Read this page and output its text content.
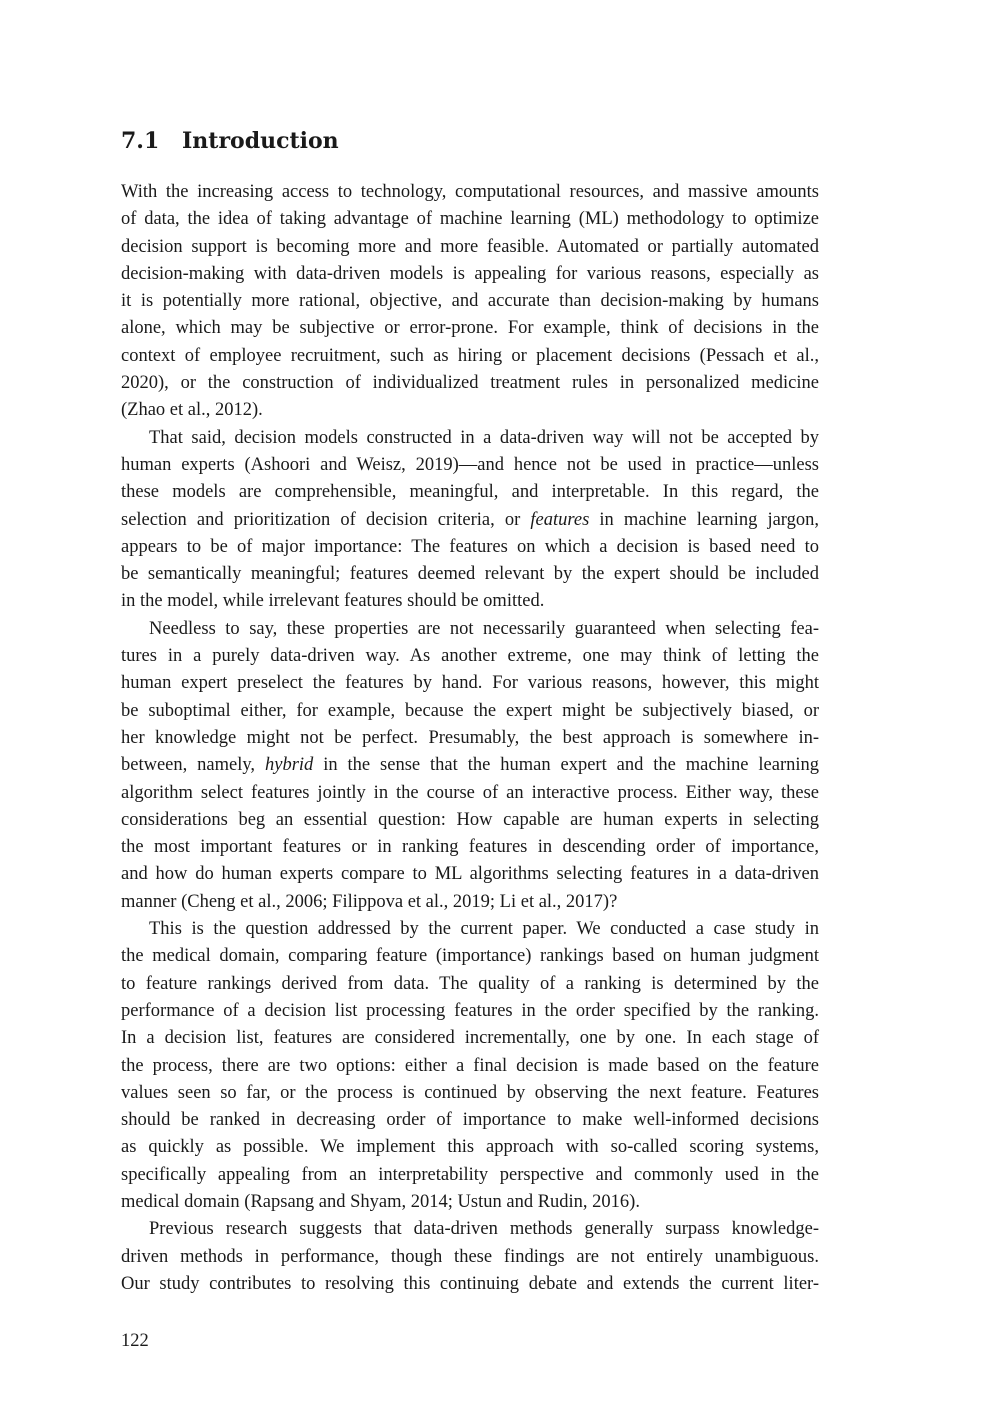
7.1 Introduction

With the increasing access to technology, computational resources, and massive amounts
of data, the idea of taking advantage of machine learning (ML) methodology to optimize
decision support is becoming more and more feasible. Automated or partially automated
decision-making with data-driven models is appealing for various reasons, especially as
it is potentially more rational, objective, and accurate than decision-making by humans
alone, which may be subjective or error-prone. For example, think of decisions in the
context of employee recruitment, such as hiring or placement decisions (Pessach et al.,
2020), or the construction of individualized treatment rules in personalized medicine
(Zhao et al., 2012).

That said, decision models constructed in a data-driven way will not be accepted by
human experts (Ashoori and Weisz, 2019)—and hence not be used in practice—unless
these models are comprehensible, meaningful, and interpretable. In this regard, the
selection and prioritization of decision criteria, or features in machine learning jargon,
appears to be of major importance: The features on which a decision is based need to
be semantically meaningful; features deemed relevant by the expert should be included
in the model, while irrelevant features should be omitted.

Needless to say, these properties are not necessarily guaranteed when selecting fea-
tures in a purely data-driven way. As another extreme, one may think of letting the
human expert preselect the features by hand. For various reasons, however, this might
be suboptimal either, for example, because the expert might be subjectively biased, or
her knowledge might not be perfect. Presumably, the best approach is somewhere in-
between, namely, hybrid in the sense that the human expert and the machine learning
algorithm select features jointly in the course of an interactive process. Either way, these
considerations beg an essential question: How capable are human experts in selecting
the most important features or in ranking features in descending order of importance,
and how do human experts compare to ML algorithms selecting features in a data-driven
manner (Cheng et al., 2006; Filippova et al., 2019; Li et al., 2017)?

This is the question addressed by the current paper. We conducted a case study in
the medical domain, comparing feature (importance) rankings based on human judgment
to feature rankings derived from data. The quality of a ranking is determined by the
performance of a decision list processing features in the order specified by the ranking.
In a decision list, features are considered incrementally, one by one. In each stage of
the process, there are two options: either a final decision is made based on the feature
values seen so far, or the process is continued by observing the next feature. Features
should be ranked in decreasing order of importance to make well-informed decisions
as quickly as possible. We implement this approach with so-called scoring systems,
specifically appealing from an interpretability perspective and commonly used in the
medical domain (Rapsang and Shyam, 2014; Ustun and Rudin, 2016).

Previous research suggests that data-driven methods generally surpass knowledge-
driven methods in performance, though these findings are not entirely unambiguous.
Our study contributes to resolving this continuing debate and extends the current liter-

122
